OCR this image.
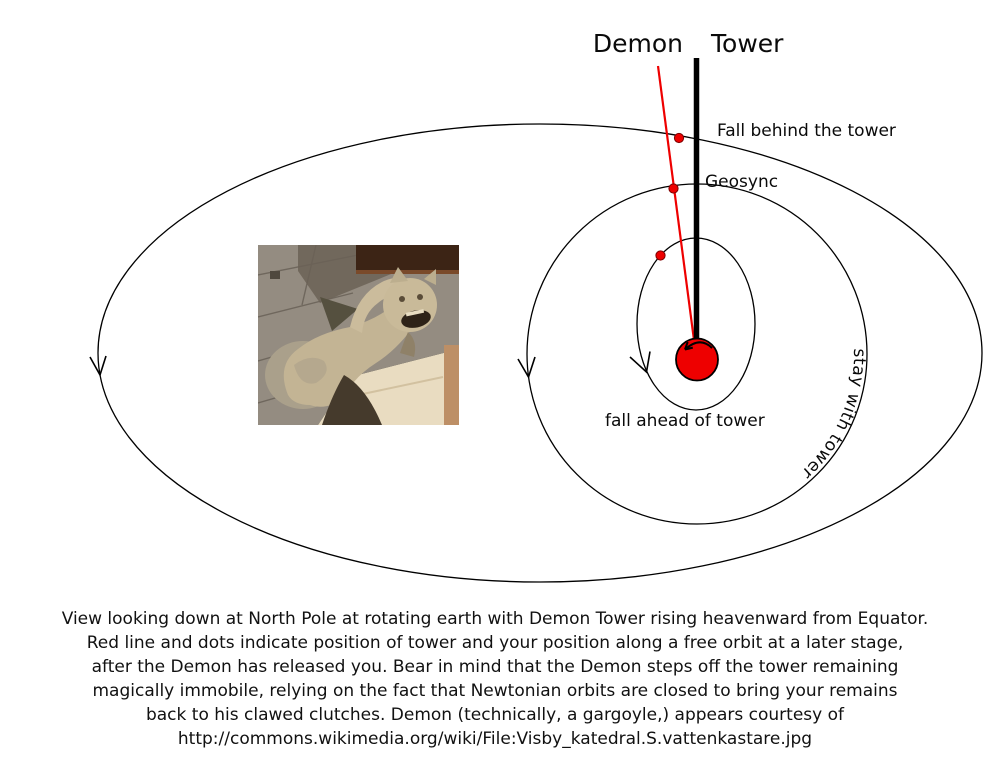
Demon Tower
Fall behind the tower
Geosync
fall ahead of tower
stay with tower
View looking down at North Pole at rotating earth with Demon Tower rising heavenward from Equator.
Red line and dots indicate position of tower and your position along a free orbit at a later stage,
after the Demon has released you. Bear in mind that the Demon steps off the tower remaining
magically immobile, relying on the fact that Newtonian orbits are closed to bring your remains
back to his clawed clutches. Demon (technically, a gargoyle,) appears courtesy of
http://commons.wikimedia.org/wiki/File:Visby_katedral.S.vattenkastare.jpg
